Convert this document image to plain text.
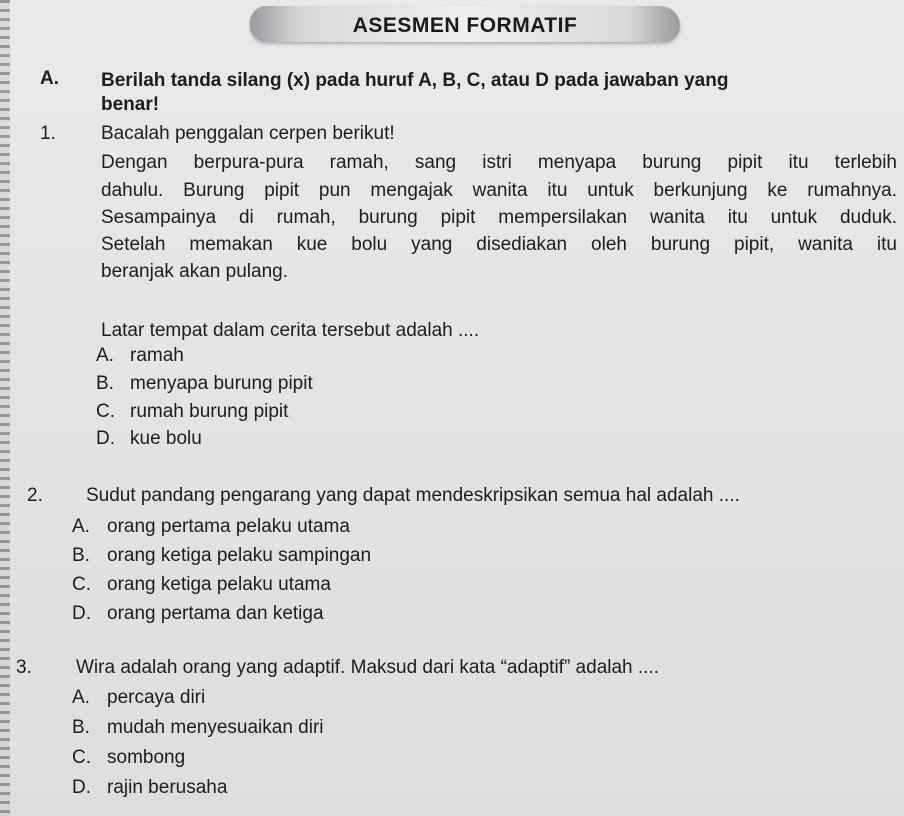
ASESMEN FORMATIF
A. Berilah tanda silang (x) pada huruf A, B, C, atau D pada jawaban yang
benar!
1. Bacalah penggalan cerpen berikut!
Dengan berpura-pura ramah, sang istri menyapa burung pipit itu terlebih
dahulu. Burung pipit pun mengajak wanita itu untuk berkunjung ke rumahnya.
Sesampainya di rumah, burung pipit mempersilakan wanita itu untuk duduk.
Setelah memakan kue bolu yang disediakan oleh burung pipit, wanita itu
beranjak akan pulang.
Latar tempat dalam cerita tersebut adalah ....
A. ramah
B. menyapa burung pipit
C. rumah burung pipit
D. kue bolu
2. Sudut pandang pengarang yang dapat mendeskripsikan semua hal adalah ....
A. orang pertama pelaku utama
B. orang ketiga pelaku sampingan
C. orang ketiga pelaku utama
D. orang pertama dan ketiga
3. Wira adalah orang yang adaptif. Maksud dari kata “adaptif” adalah ....
A. percaya diri
B. mudah menyesuaikan diri
C. sombong
D. rajin berusaha
